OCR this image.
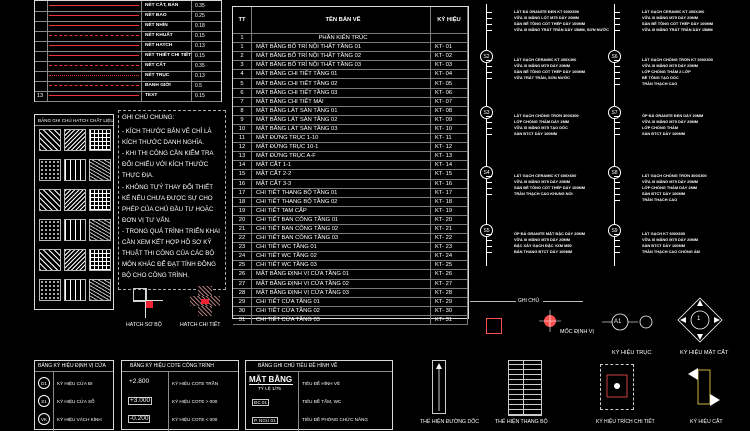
NÉT CẮT, BẢN	0.35
NÉT BAO	0.25
NÉT NHÌN	0.18
NÉT KHUẤT	0.15
NÉT HATCH	0.13
NÉT THIẾT CHI TIẾT 0.15
NÉT CẤT	0.35
NÉT TRỤC	0.13
BANH GIỚI	0.5
13	TEXT	0.15
BẢNG GHI CHÚ HATCH CHẤT LIỆU GHI CHÚ CHUNG:
- KÍCH THƯỚC BẢN VẼ CHỈ LÀ
KÍCH THƯỚC DANH NGHĨA.
- KHI THI CÔNG CẦN KIỂM TRA
ĐỐI CHIẾU VỚI KÍCH THƯỚC
THỰC ĐỊA.
- KHÔNG TỰÝ THAY ĐỔI THIẾT
KẾ NẾU CHƯA ĐƯỢC SỰ CHO
PHÉP CỦA CHỦ ĐẦU TƯ HOẶC
ĐƠN VỊ TƯ VẤN.
- TRONG QUÁ TRÌNH TRIỂN KHAI
CẦN XEM KẾT HỢP HỒ SƠ KỸ
THUẬT THI CÔNG CỦA CÁC BỘ
MÔN KHÁC ĐỂ ĐẠT TÍNH ĐỒNG
BỘ CHO CÔNG TRÌNH.
HATCH SƠ BỘ	HATCH CHI TIẾT
TT	TÊN BẢN VẼ	KÝ HIỆU
1	PHẦN KIẾN TRÚC	
1	MẶT BẰNG BỐ TRÍ NỘI THẤT TẦNG 01	KT- 01
2	MẶT BẰNG BỐ TRÍ NỘI THẤT TẦNG 02	KT- 02
3	MẶT BẰNG BỐ TRÍ NỘI THẤT TẦNG 03	KT- 03
4	MẶT BẰNG CHI TIẾT TẦNG 01	KT- 04
5	MẶT BẰNG CHI TIẾT TẦNG 02	KT- 05
6	MẶT BẰNG CHI TIẾT TẦNG 03	KT- 06
7	MẶT BẰNG CHI TIẾT MÁI	KT- 07
8	MẶT BẰNG LÁT SÀN TẦNG 01	KT- 08
9	MẶT BẰNG LÁT SÀN TẦNG 02	KT- 09
10	MẶT BẰNG LÁT SÀN TẦNG 03	KT- 10
11	MẶT ĐỨNG TRỤC 1-10	KT- 11
12	MẶT ĐỨNG TRỤC 10-1	KT- 12
13	MẶT ĐỨNG TRỤC A-F	KT- 13
14	MẶT CẮT 1-1	KT- 14
15	MẶT CẮT 2-2	KT- 15
16	MẶT CẮT 3-3	KT- 16
17	CHI TIẾT THANG BỘ TẦNG 01	KT- 17
18	CHI TIẾT THANG BỘ TẦNG 02	KT- 18
19	CHI TIẾT TAM CẤP	KT- 19
20	CHI TIẾT BAN CÔNG TẦNG 01	KT- 20
21	CHI TIẾT BAN CÔNG TẦNG 02	KT- 21
22	CHI TIẾT BAN CÔNG TẦNG 03	KT- 22
23	CHI TIẾT WC TẦNG 01	KT- 23
24	CHI TIẾT WC TẦNG 02	KT- 24
25	CHI TIẾT WC TẦNG 03	KT- 25
26	MẶT BẰNG ĐỊNH VỊ CỬA TẦNG 01	KT- 26
27	MẶT BẰNG ĐỊNH VỊ CỬA TẦNG 02	KT- 27
28	MẶT BẰNG ĐỊNH VỊ CỬA TẦNG 03	KT- 28
29	CHI TIẾT CỬA TẦNG 01	KT- 29
30	CHI TIẾT CỬA TẦNG 02	KT- 30
31	CHI TIẾT CỬA TẦNG 03	KT- 31
LÁT ĐÁ GRANITE ĐEN KT 600X600
VỮA XI MĂNG LÓT M75 DÀY 20MM
SÀN BÊ TÔNG CỐT THÉP DÀY 100MM
VỮA XI MĂNG TRÁT TRẦN DÀY 15MM, SƠN NƯỚC
S2	LÁT GẠCH CERAMIC KT 400X400
VỮA XI MĂNG M75 DÀY 20MM
SÀN BÊ TÔNG CỐT THÉP DÀY 100MM
VỮA TRÁT TRẦN, SƠN NƯỚC
S3	LÁT GẠCH CHỐNG TRƠN 300X300
LỚP CHỐNG THẤM DÀY 2MM
VỮA XI MĂNG M75 TẠO DỐC
SÀN BTCT DÀY 100MM
S4	LÁT GẠCH CERAMIC KT 600X600
VỮA XI MĂNG M75 DÀY 20MM
SÀN BÊ TÔNG CỐT THÉP DÀY 100MM
TRẦN THẠCH CAO KHUNG NỔI
S5	ỐP ĐÁ GRANITE MẶT BẬC DÀY 20MM
VỮA XI MĂNG M75 DÀY 20MM
BẬC XÂY GẠCH ĐẶC VXM M50
BẢN THANG BTCT DÀY 100MM
LÁT GẠCH CERAMIC KT 400X400
VỮA XI MĂNG M75 DÀY 20MM
SÀN BÊ TÔNG CỐT THÉP DÀY 100MM
VỮA XI MĂNG TRÁT TRẦN DÀY 15MM
S6	LÁT GẠCH CHỐNG TRƠN KT 300X300
VỮA XI MĂNG M75 DÀY 20MM
LỚP CHỐNG THẤM 2 LỚP
BÊ TÔNG TẠO DỐC
TRẦN THẠCH CAO
S7	ỐP ĐÁ GRANITE ĐEN DÀY 20MM
VỮA XI MĂNG M75 DÀY 20MM
LỚP CHỐNG THẤM
SÀN BTCT DÀY 100MM
S8	LÁT GẠCH CHỐNG TRƠN 300X300
VỮA XI MĂNG M75 DÀY 20MM
LỚP CHỐNG THẤM DÀY 2MM
SÀN BTCT DÀY 100MM
TRẦN THẠCH CAO
S9	LÁT GẠCH KT 600X600
VỮA XI MĂNG M75 DÀY 20MM
SÀN BTCT DÀY 100MM
TRẦN THẠCH CAO CHỐNG ẨM
BẢNG KÝ HIỆU ĐỊNH VỊ CỬA
D1	KÝ HIỆU CỬA ĐI
S1	KÝ HIỆU CỬA SỔ
VK	KÝ HIỆU VÁCH KÍNH
BẢNG KÝ HIỆU COTE CÔNG TRÌNH
+2.800	KÝ HIỆU COTE TRẦN
+3.000	KÝ HIỆU COTE > 000
-0.200	KÝ HIỆU COTE < 000
BẢNG GHI CHÚ TIÊU ĐỀ HÌNH VẼ
MẶT BẰNG
TỶ LỆ 1/75
TIÊU ĐỀ HÌNH VẼ
ĐC 01	TIÊU ĐỀ TẤM, WC
P. NGỦ 01	TIÊU ĐỀ PHÒNG CHỨC NĂNG
GHI CHÚ
MỐC ĐỊNH VỊ
A1
KÝ HIỆU TRỤC
1
KÝ HIỆU MẶT CẮT
THỂ HIỆN ĐƯỜNG DỐC	THỂ HIỆN THANG BỘ	KÝ HIỆU TRÍCH CHI TIẾT	KÝ HIỆU CẮT
